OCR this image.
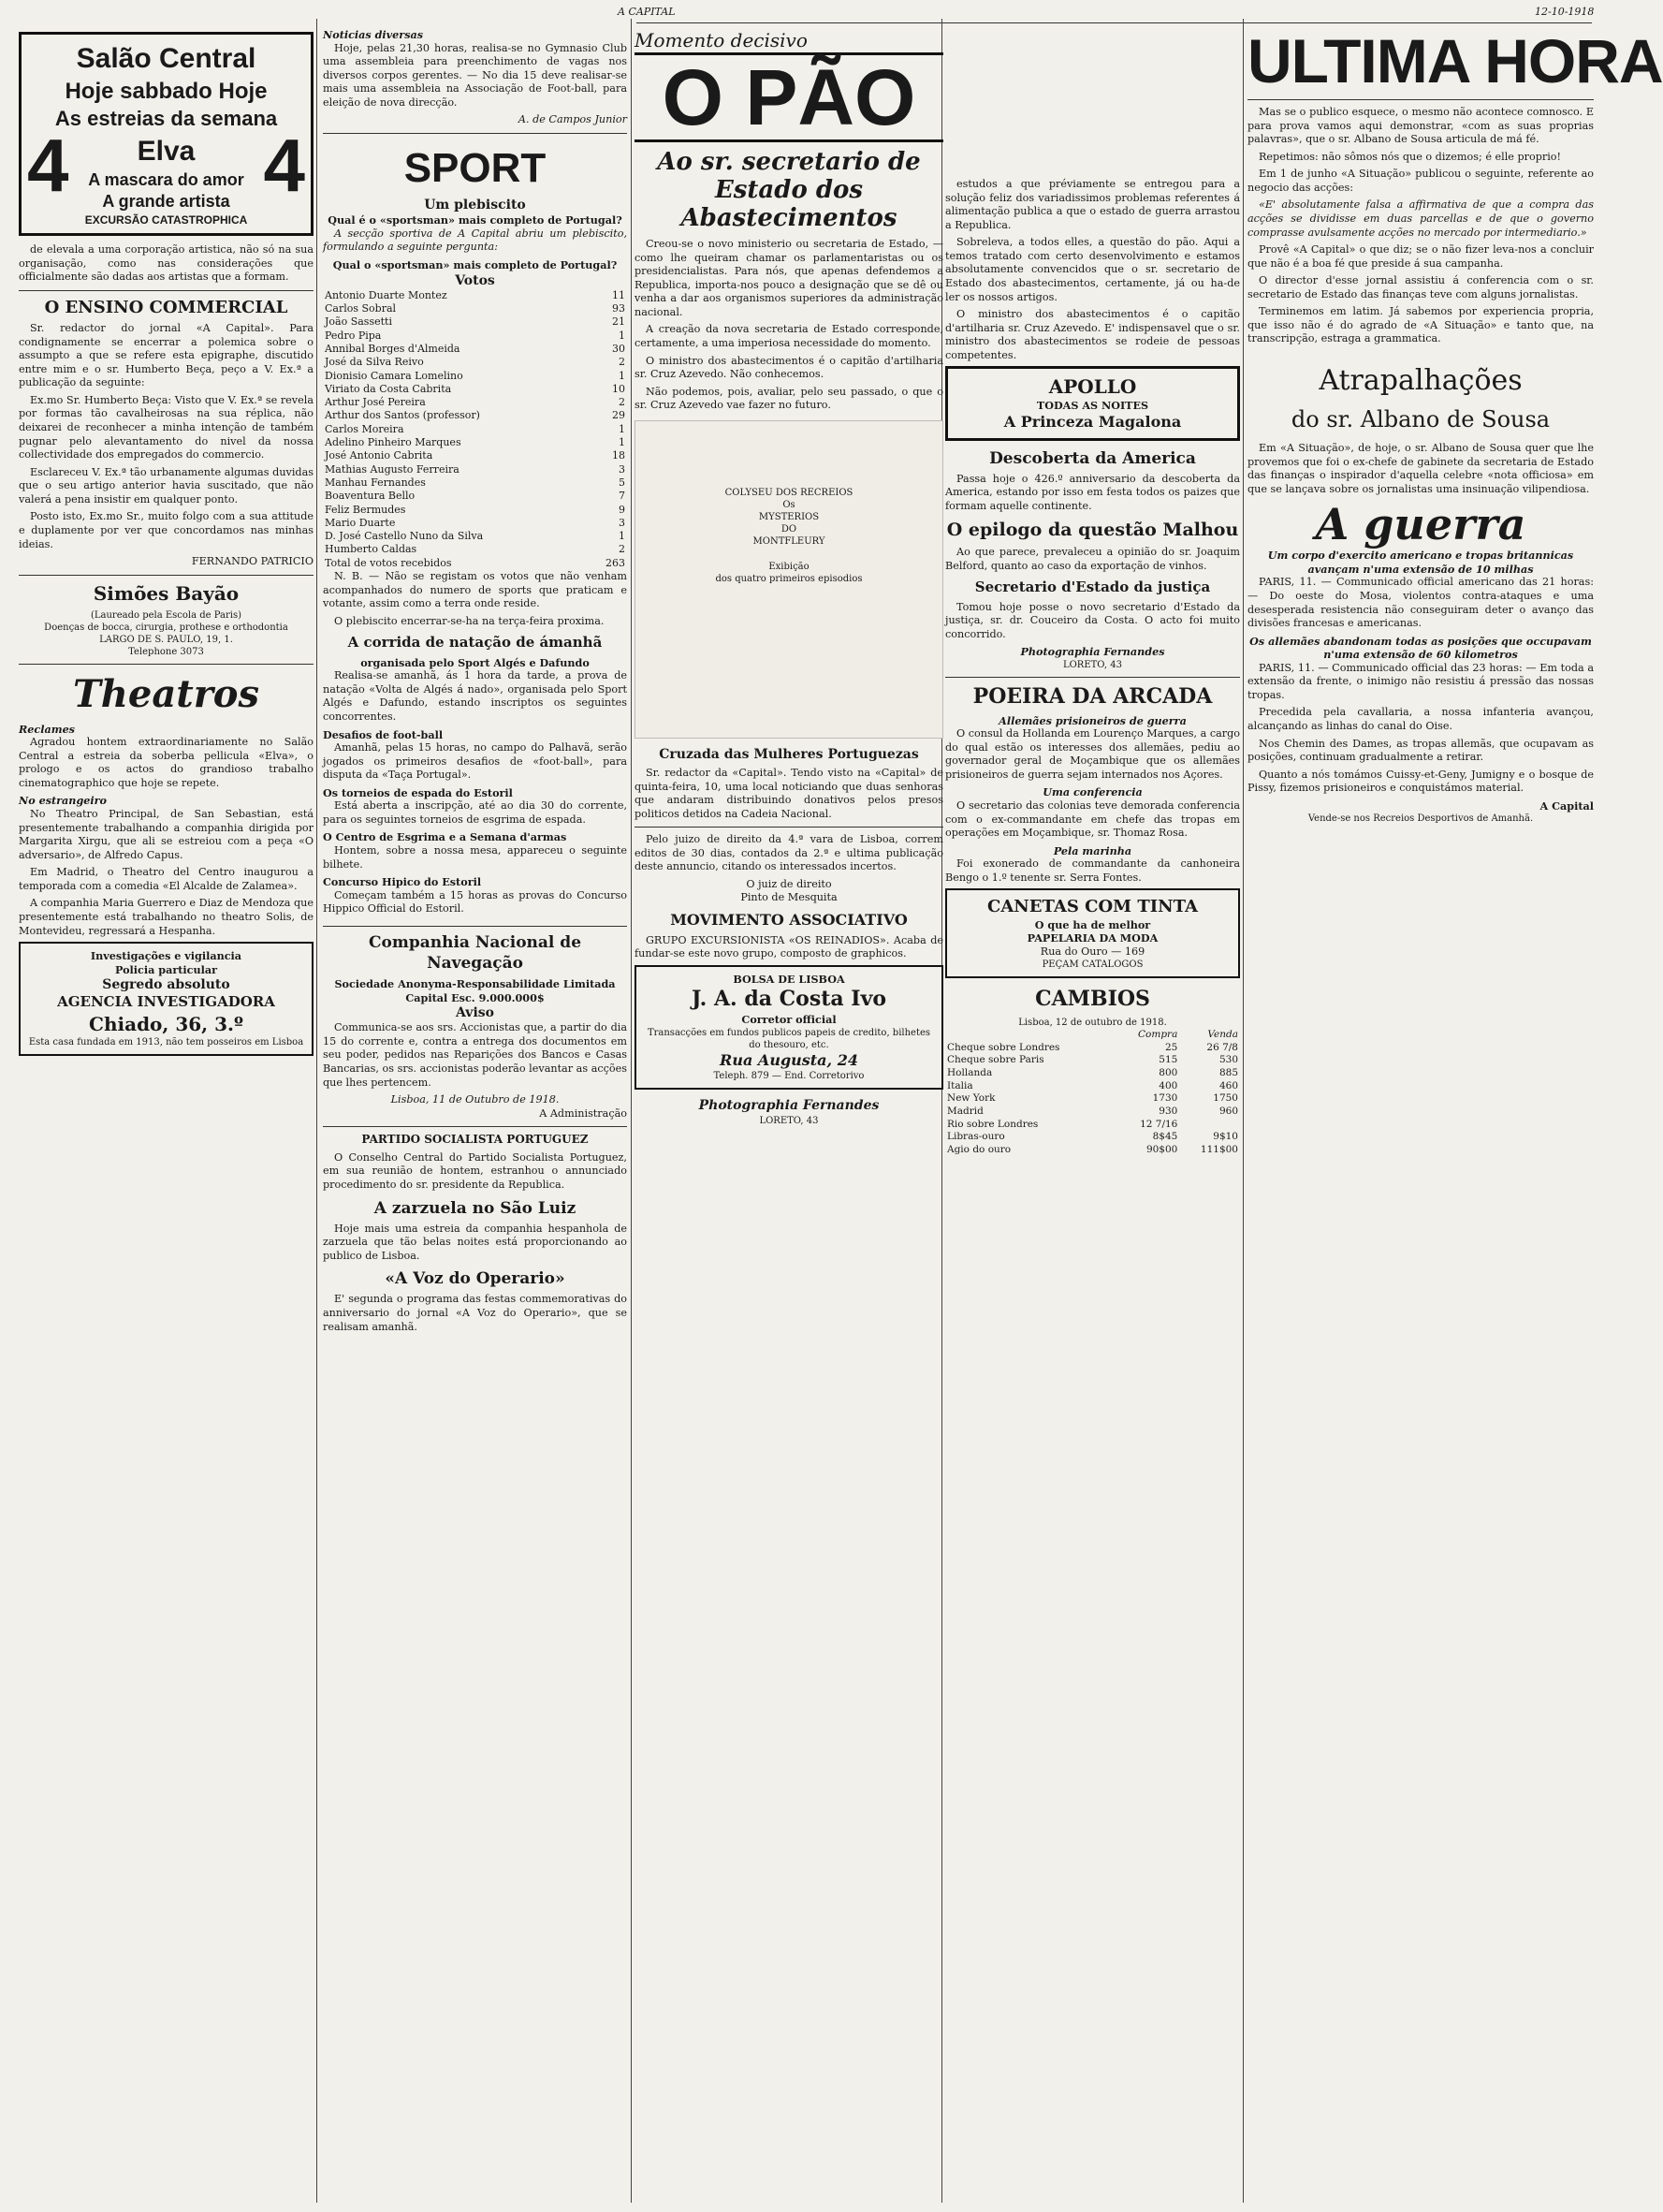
A CAPITAL	12-10-1918
Salão Central
Hoje sabbado Hoje
As estreias da semana
Elva
A mascara do amor
A grande artista
EXCURSÃO CATASTROPHICA
4	4

de elevala a uma corporação artistica, não só na sua organisação, como nas considerações que officialmente são dadas aos artistas que a formam.

O ENSINO COMMERCIAL

Sr. redactor do jornal «A Capital». Para condignamente se encerrar a polemica sobre o assumpto a que se refere esta epigraphe, discutido entre mim e o sr. Humberto Beça, peço a V. Ex.ª a publicação da seguinte:

Ex.mo Sr. Humberto Beça: Visto que V. Ex.ª se revela por formas tão cavalheirosas na sua réplica, não deixarei de reconhecer a minha intenção de também pugnar pelo alevantamento do nivel da nossa collectividade dos empregados do commercio.

Esclareceu V. Ex.ª tão urbanamente algumas duvidas que o seu artigo anterior havia suscitado, que não valerá a pena insistir em qualquer ponto.

Posto isto, Ex.mo Sr., muito folgo com a sua attitude e duplamente por ver que concordamos nas minhas ideias.

FERNANDO PATRICIO
Simões Bayão
(Laureado pela Escola de Paris)
Doenças de bocca, cirurgia, prothese e orthodontia
LARGO DE S. PAULO, 19, 1.
Telephone 3073
Theatros
Reclames

Agradou hontem extraordinariamente no Salão Central a estreia da soberba pellicula «Elva», o prologo e os actos do grandioso trabalho cinematographico que hoje se repete.

No estrangeiro

No Theatro Principal, de San Sebastian, está presentemente trabalhando a companhia dirigida por Margarita Xirgu, que ali se estreiou com a peça «O adversario», de Alfredo Capus.

Em Madrid, o Theatro del Centro inaugurou a temporada com a comedia «El Alcalde de Zalamea».

A companhia Maria Guerrero e Diaz de Mendoza que presentemente está trabalhando no theatro Solis, de Montevideu, regressará a Hespanha.

Investigações e vigilancia
Policia particular
Segredo absoluto
AGENCIA INVESTIGADORA
Chiado, 36, 3.º
Esta casa fundada em 1913, não tem posseiros em Lisboa
Noticias diversas

Hoje, pelas 21,30 horas, realisa-se no Gymnasio Club uma assembleia para preenchimento de vagas nos diversos corpos gerentes. — No dia 15 deve realisar-se mais uma assembleia na Associação de Foot-ball, para eleição de nova direcção.

A. de Campos Junior
SPORT
Um plebiscito
Qual é o «sportsman» mais completo de Portugal?

A secção sportiva de A Capital abriu um plebiscito, formulando a seguinte pergunta:

Qual o «sportsman» mais completo de Portugal?
Votos
Antonio Duarte Montez	11
Carlos Sobral	93
João Sassetti	21
Pedro Pipa	1
Annibal Borges d'Almeida	30
José da Silva Reivo	2
Dionisio Camara Lomelino	1
Viriato da Costa Cabrita	10
Arthur José Pereira	2
Arthur dos Santos (professor)	29
Carlos Moreira	1
Adelino Pinheiro Marques	1
José Antonio Cabrita	18
Mathias Augusto Ferreira	3
Manhau Fernandes	5
Boaventura Bello	7
Feliz Bermudes	9
Mario Duarte	3
D. José Castello Nuno da Silva	1
Humberto Caldas	2
Total de votos recebidos	263

N. B. — Não se registam os votos que não venham acompanhados do numero de sports que praticam e votante, assim como a terra onde reside.

O plebiscito encerrar-se-ha na terça-feira proxima.

A corrida de natação de ámanhã
organisada pelo Sport Algés e Dafundo

Realisa-se amanhã, ás 1 hora da tarde, a prova de natação «Volta de Algés á nado», organisada pelo Sport Algés e Dafundo, estando inscriptos os seguintes concorrentes.

Desafios de foot-ball

Amanhã, pelas 15 horas, no campo do Palhavã, serão jogados os primeiros desafios de «foot-ball», para disputa da «Taça Portugal».

Os torneios de espada do Estoril

Está aberta a inscripção, até ao dia 30 do corrente, para os seguintes torneios de esgrima de espada.

O Centro de Esgrima e a Semana d'armas

Hontem, sobre a nossa mesa, appareceu o seguinte bilhete.

Concurso Hipico do Estoril

Começam também a 15 horas as provas do Concurso Hippico Official do Estoril.

Companhia Nacional de Navegação
Sociedade Anonyma-Responsabilidade Limitada
Capital Esc. 9.000.000$
Aviso

Communica-se aos srs. Accionistas que, a partir do dia 15 do corrente e, contra a entrega dos documentos em seu poder, pedidos nas Reparições dos Bancos e Casas Bancarias, os srs. accionistas poderão levantar as acções que lhes pertencem.

Lisboa, 11 de Outubro de 1918.
A Administração
PARTIDO SOCIALISTA PORTUGUEZ

O Conselho Central do Partido Socialista Portuguez, em sua reunião de hontem, estranhou o annunciado procedimento do sr. presidente da Republica.

A zarzuela no São Luiz

Hoje mais uma estreia da companhia hespanhola de zarzuela que tão belas noites está proporcionando ao publico de Lisboa.

«A Voz do Operario»

E' segunda o programa das festas commemorativas do anniversario do jornal «A Voz do Operario», que se realisam amanhã.

Momento decisivo
O PÃO
Ao sr. secretario de Estado dos Abastecimentos

Creou-se o novo ministerio ou secretaria de Estado, — como lhe queiram chamar os parlamentaristas ou os presidencialistas. Para nós, que apenas defendemos a Republica, importa-nos pouco a designação que se dê ou venha a dar aos organismos superiores da administração nacional.

A creação da nova secretaria de Estado corresponde, certamente, a uma imperiosa necessidade do momento.

O ministro dos abastecimentos é o capitão d'artilharia sr. Cruz Azevedo. Não conhecemos.

Não podemos, pois, avaliar, pelo seu passado, o que o sr. Cruz Azevedo vae fazer no futuro.

COLYSEU DOS RECREIOS
Os
MYSTERIOS
DO
MONTFLEURY
Exibição
dos quatro primeiros episodios
Cruzada das Mulheres Portuguezas

Sr. redactor da «Capital». Tendo visto na «Capital» de quinta-feira, 10, uma local noticiando que duas senhoras que andaram distribuindo donativos pelos presos politicos detidos na Cadeia Nacional.

Pelo juizo de direito da 4.ª vara de Lisboa, correm editos de 30 dias, contados da 2.ª e ultima publicação deste annuncio, citando os interessados incertos.

O juiz de direito
Pinto de Mesquita
MOVIMENTO ASSOCIATIVO

GRUPO EXCURSIONISTA «OS REINADIOS». Acaba de fundar-se este novo grupo, composto de graphicos.

BOLSA DE LISBOA
J. A. da Costa Ivo
Corretor official
Transacções em fundos publicos papeis de credito, bilhetes do thesouro, etc.
Rua Augusta, 24
Teleph. 879 — End. Corretorivo
Photographia Fernandes
LORETO, 43

estudos a que préviamente se entregou para a solução feliz dos variadissimos problemas referentes á alimentação publica a que o estado de guerra arrastou a Republica.

Sobreleva, a todos elles, a questão do pão. Aqui a temos tratado com certo desenvolvimento e estamos absolutamente convencidos que o sr. secretario de Estado dos abastecimentos, certamente, já ou ha-de ler os nossos artigos.

O ministro dos abastecimentos é o capitão d'artilharia sr. Cruz Azevedo. E' indispensavel que o sr. ministro dos abastecimentos se rodeie de pessoas competentes.

APOLLO
TODAS AS NOITES
A Princeza Magalona
Descoberta da America

Passa hoje o 426.º anniversario da descoberta da America, estando por isso em festa todos os paizes que formam aquelle continente.

O epilogo da questão Malhou

Ao que parece, prevaleceu a opinião do sr. Joaquim Belford, quanto ao caso da exportação de vinhos.

Secretario d'Estado da justiça

Tomou hoje posse o novo secretario d'Estado da justiça, sr. dr. Couceiro da Costa. O acto foi muito concorrido.

Photographia Fernandes
LORETO, 43
POEIRA DA ARCADA
Allemães prisioneiros de guerra

O consul da Hollanda em Lourenço Marques, a cargo do qual estão os interesses dos allemães, pediu ao governador geral de Moçambique que os allemães prisioneiros de guerra sejam internados nos Açores.

Uma conferencia

O secretario das colonias teve demorada conferencia com o ex-commandante em chefe das tropas em operações em Moçambique, sr. Thomaz Rosa.

Pela marinha

Foi exonerado de commandante da canhoneira Bengo o 1.º tenente sr. Serra Fontes.

CANETAS COM TINTA
O que ha de melhor
PAPELARIA DA MODA
Rua do Ouro — 169
PEÇAM CATALOGOS
CAMBIOS
Lisboa, 12 de outubro de 1918.
	Compra	Venda
Cheque sobre Londres	25	26 7/8
Cheque sobre Paris	515	530
Hollanda	800	885
Italia	400	460
New York	1730	1750
Madrid	930	960
Rio sobre Londres	12 7/16	
Libras-ouro	8$45	9$10
Agio do ouro	90$00	111$00
ULTIMA HORA

Mas se o publico esquece, o mesmo não acontece comnosco. E para prova vamos aqui demonstrar, «com as suas proprias palavras», que o sr. Albano de Sousa articula de má fé.

Repetimos: não sômos nós que o dizemos; é elle proprio!

Em 1 de junho «A Situação» publicou o seguinte, referente ao negocio das acções:

«E' absolutamente falsa a affirmativa de que a compra das acções se dividisse em duas parcellas e de que o governo comprasse avulsamente acções no mercado por intermediario.»

Provê «A Capital» o que diz; se o não fizer leva-nos a concluir que não é a boa fé que preside á sua campanha.

O director d'esse jornal assistiu á conferencia com o sr. secretario de Estado das finanças teve com alguns jornalistas.

Terminemos em latim. Já sabemos por experiencia propria, que isso não é do agrado de «A Situação» e tanto que, na transcripção, estraga a grammatica.

Atrapalhações
do sr. Albano de Sousa

Em «A Situação», de hoje, o sr. Albano de Sousa quer que lhe provemos que foi o ex-chefe de gabinete da secretaria de Estado das finanças o inspirador d'aquella celebre «nota officiosa» em que se lançava sobre os jornalistas uma insinuação vilipendiosa.

A guerra
Um corpo d'exercito americano e tropas britannicas avançam n'uma extensão de 10 milhas

PARIS, 11. — Communicado official americano das 21 horas: — Do oeste do Mosa, violentos contra-ataques e uma desesperada resistencia não conseguiram deter o avanço das divisões francesas e americanas.

Os allemães abandonam todas as posições que occupavam n'uma extensão de 60 kilometros

PARIS, 11. — Communicado official das 23 horas: — Em toda a extensão da frente, o inimigo não resistiu á pressão das nossas tropas.

Precedida pela cavallaria, a nossa infanteria avançou, alcançando as linhas do canal do Oise.

Nos Chemin des Dames, as tropas allemãs, que ocupavam as posições, continuam gradualmente a retirar.

Quanto a nós tomámos Cuissy-et-Geny, Jumigny e o bosque de Pissy, fizemos prisioneiros e conquistámos material.

A Capital
Vende-se nos Recreios Desportivos de Amanhã.
